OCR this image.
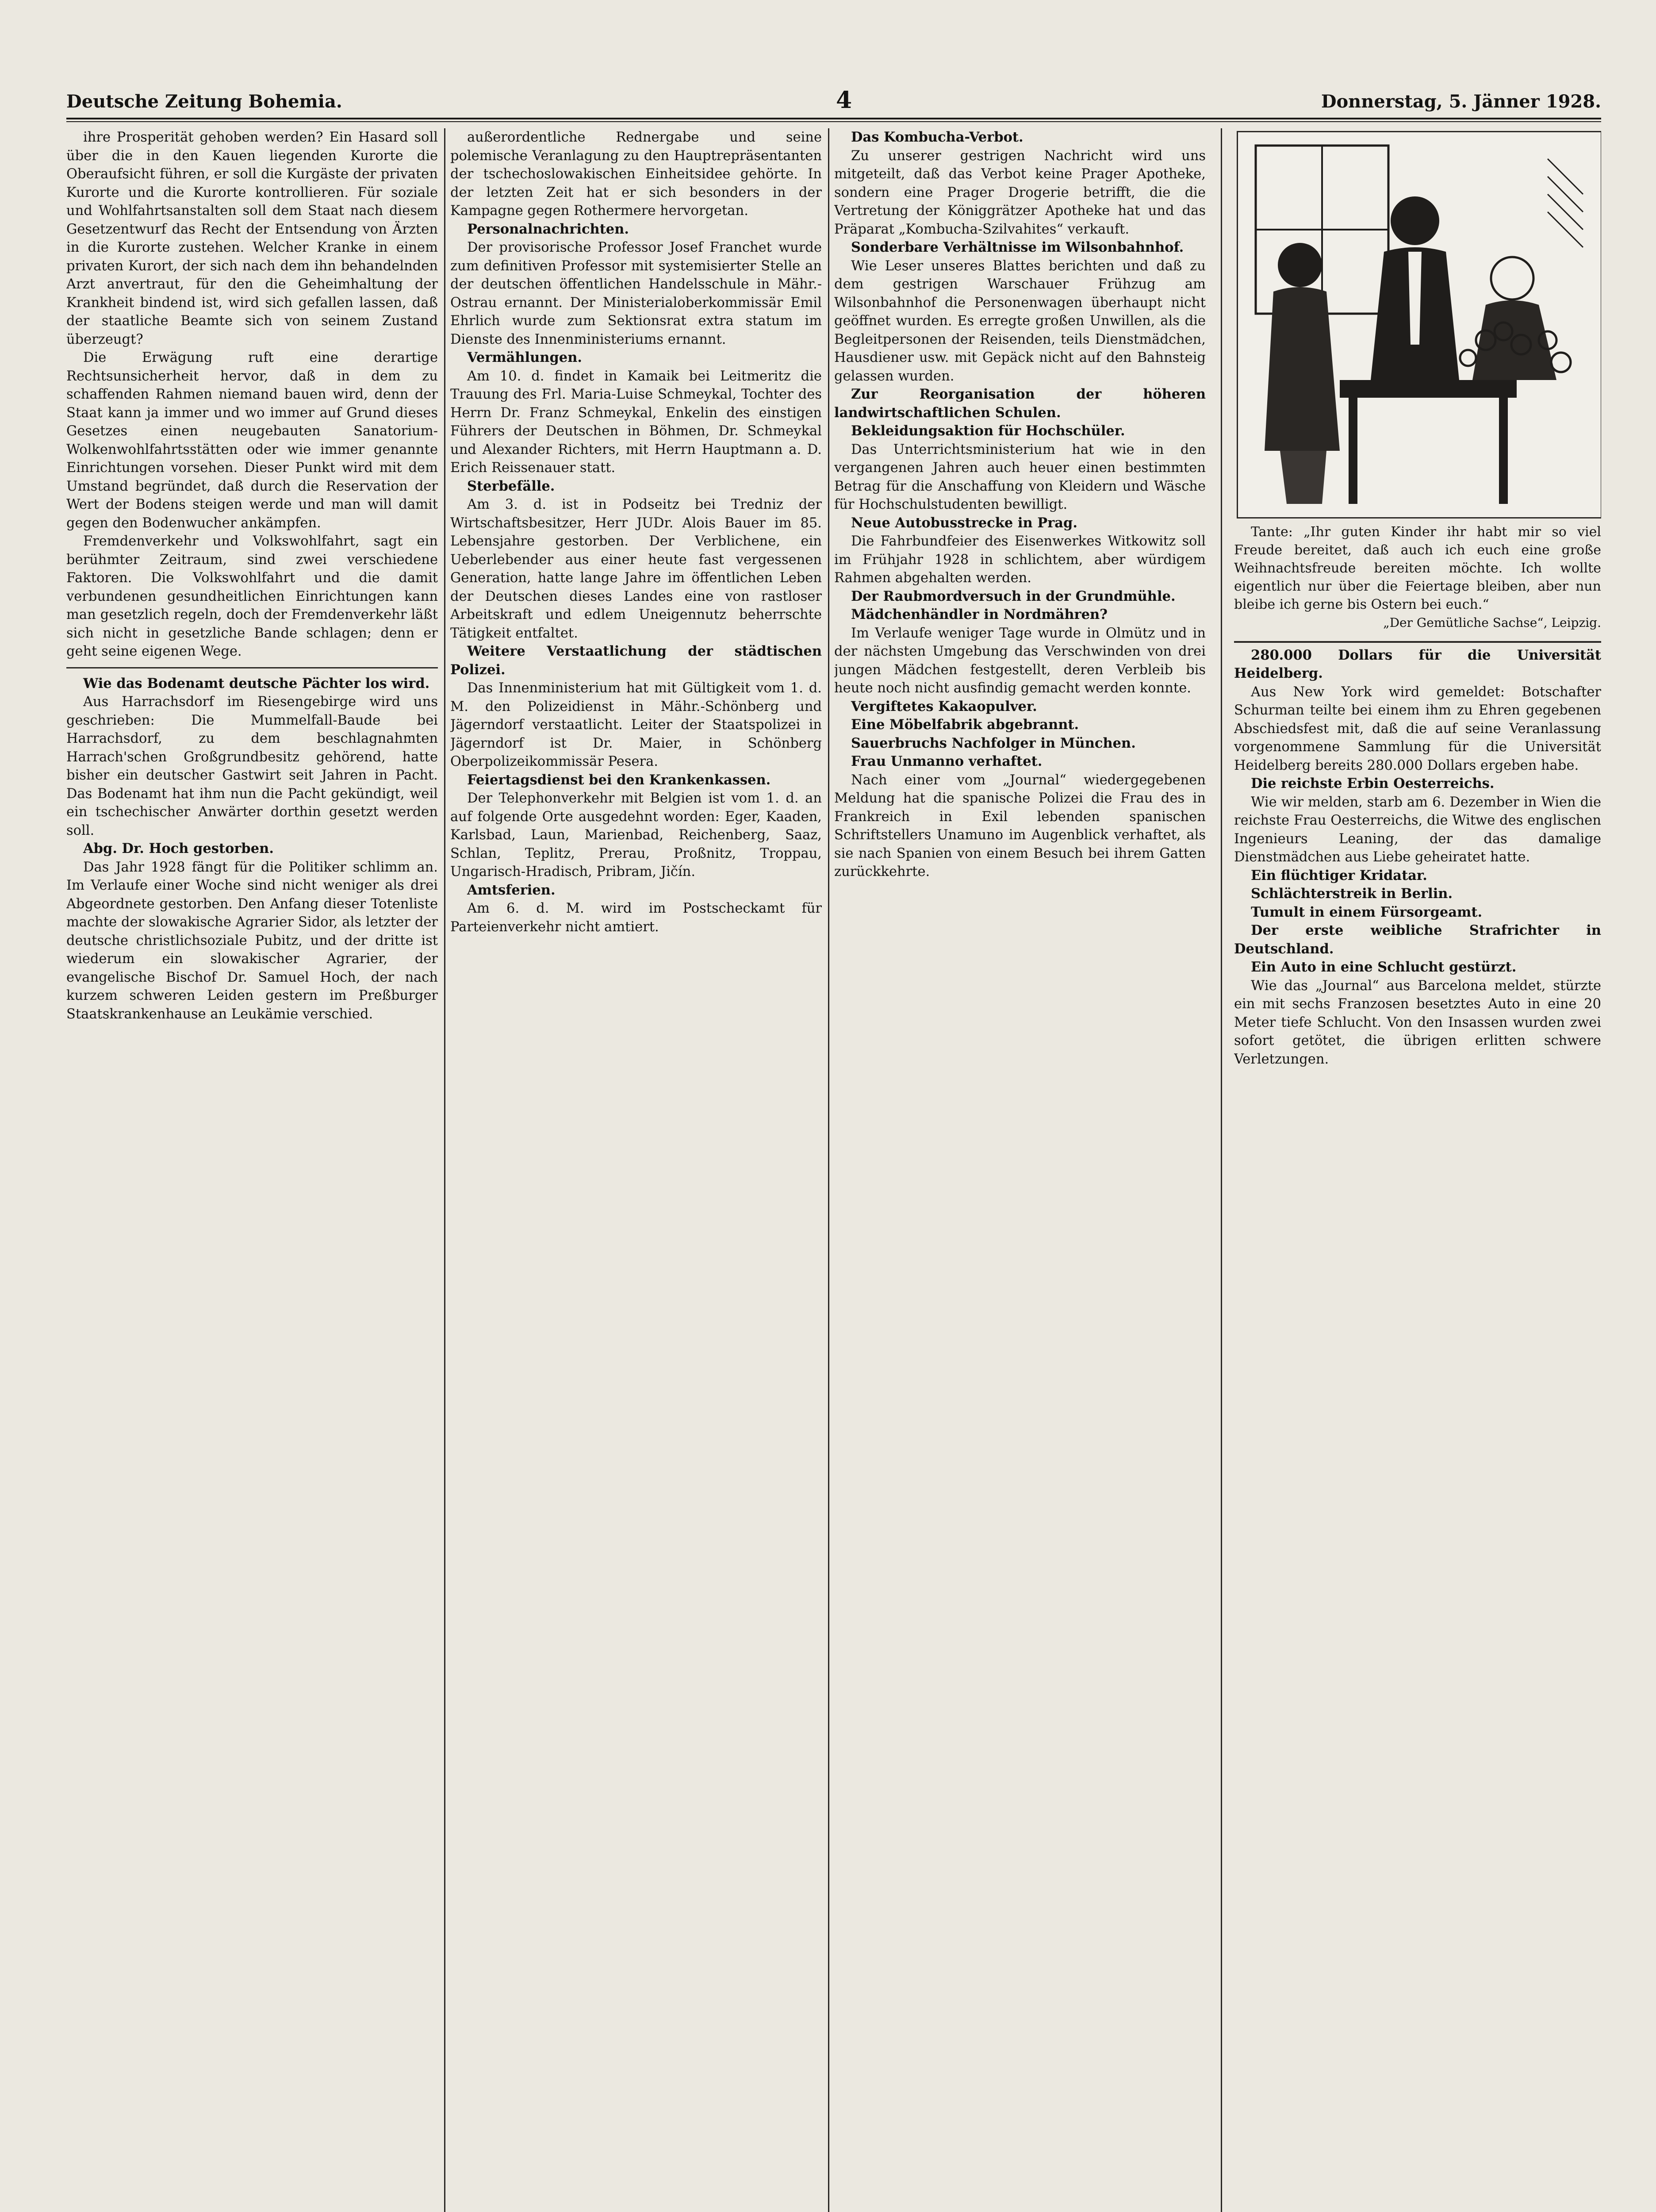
Deutsche Zeitung Bohemia.	4	Donnerstag, 5. Jänner 1928.

ihre Prosperität gehoben werden? Ein Hasard soll über die in den Kauen liegenden Kurorte die Oberaufsicht führen, er soll die Kurgäste der privaten Kurorte und die Kurorte kontrollieren. Für soziale und Wohlfahrtsanstalten soll dem Staat nach diesem Gesetzentwurf das Recht der Entsendung von Ärzten in die Kurorte zustehen. Welcher Kranke in einem privaten Kurort, der sich nach dem ihn behandelnden Arzt anvertraut, für den die Geheimhaltung der Krankheit bindend ist, wird sich gefallen lassen, daß der staatliche Beamte sich von seinem Zustand überzeugt?

Die Erwägung ruft eine derartige Rechtsunsicherheit hervor, daß in dem zu schaffenden Rahmen niemand bauen wird, denn der Staat kann ja immer und wo immer auf Grund dieses Gesetzes einen neugebauten Sanatorium-Wolkenwohlfahrtsstätten oder wie immer genannte Einrichtungen vorsehen. Dieser Punkt wird mit dem Umstand begründet, daß durch die Reservation der Wert der Bodens steigen werde und man will damit gegen den Bodenwucher ankämpfen.

Fremdenverkehr und Volkswohlfahrt, sagt ein berühmter Zeitraum, sind zwei verschiedene Faktoren. Die Volkswohlfahrt und die damit verbundenen gesundheitlichen Einrichtungen kann man gesetzlich regeln, doch der Fremdenverkehr läßt sich nicht in gesetzliche Bande schlagen; denn er geht seine eigenen Wege.

Wie das Bodenamt deutsche Pächter los wird.

Aus Harrachsdorf im Riesengebirge wird uns geschrieben: Die Mummelfall-Baude bei Harrachsdorf, zu dem beschlagnahmten Harrach'schen Großgrundbesitz gehörend, hatte bisher ein deutscher Gastwirt seit Jahren in Pacht. Das Bodenamt hat ihm nun die Pacht gekündigt, weil ein tschechischer Anwärter dorthin gesetzt werden soll.

Abg. Dr. Hoch gestorben.

Das Jahr 1928 fängt für die Politiker schlimm an. Im Verlaufe einer Woche sind nicht weniger als drei Abgeordnete gestorben. Den Anfang dieser Totenliste machte der slowakische Agrarier Sidor, als letzter der deutsche christlichsoziale Pubitz, und der dritte ist wiederum ein slowakischer Agrarier, der evangelische Bischof Dr. Samuel Hoch, der nach kurzem schweren Leiden gestern im Preßburger Staatskrankenhause an Leukämie verschied.

außerordentliche Rednergabe und seine polemische Veranlagung zu den Hauptrepräsentanten der tschechoslowakischen Einheitsidee gehörte. In der letzten Zeit hat er sich besonders in der Kampagne gegen Rothermere hervorgetan.

Personalnachrichten.

Der provisorische Professor Josef Franchet wurde zum definitiven Professor mit systemisierter Stelle an der deutschen öffentlichen Handelsschule in Mähr.-Ostrau ernannt. Der Ministerialoberkommissär Emil Ehrlich wurde zum Sektionsrat extra statum im Dienste des Innenministeriums ernannt.

Vermählungen.

Am 10. d. findet in Kamaik bei Leitmeritz die Trauung des Frl. Maria-Luise Schmeykal, Tochter des Herrn Dr. Franz Schmeykal, Enkelin des einstigen Führers der Deutschen in Böhmen, Dr. Schmeykal und Alexander Richters, mit Herrn Hauptmann a. D. Erich Reissenauer statt.

Sterbefälle.

Am 3. d. ist in Podseitz bei Tredniz der Wirtschaftsbesitzer, Herr JUDr. Alois Bauer im 85. Lebensjahre gestorben. Der Verblichene, ein Ueberlebender aus einer heute fast vergessenen Generation, hatte lange Jahre im öffentlichen Leben der Deutschen dieses Landes eine von rastloser Arbeitskraft und edlem Uneigennutz beherrschte Tätigkeit entfaltet.

Weitere Verstaatlichung der städtischen Polizei.

Das Innenministerium hat mit Gültigkeit vom 1. d. M. den Polizeidienst in Mähr.-Schönberg und Jägerndorf verstaatlicht. Leiter der Staatspolizei in Jägerndorf ist Dr. Maier, in Schönberg Oberpolizeikommissär Pesera.

Feiertagsdienst bei den Krankenkassen.

Der Telephonverkehr mit Belgien ist vom 1. d. an auf folgende Orte ausgedehnt worden: Eger, Kaaden, Karlsbad, Laun, Marienbad, Reichenberg, Saaz, Schlan, Teplitz, Prerau, Proßnitz, Troppau, Ungarisch-Hradisch, Pribram, Jičín.

Amtsferien.

Am 6. d. M. wird im Postscheckamt für Parteienverkehr nicht amtiert.

Das Kombucha-Verbot.

Zu unserer gestrigen Nachricht wird uns mitgeteilt, daß das Verbot keine Prager Apotheke, sondern eine Prager Drogerie betrifft, die die Vertretung der Königgrätzer Apotheke hat und das Präparat „Kombucha-Szilvahites“ verkauft.

Sonderbare Verhältnisse im Wilsonbahnhof.

Wie Leser unseres Blattes berichten und daß zu dem gestrigen Warschauer Frühzug am Wilsonbahnhof die Personenwagen überhaupt nicht geöffnet wurden. Es erregte großen Unwillen, als die Begleitpersonen der Reisenden, teils Dienstmädchen, Hausdiener usw. mit Gepäck nicht auf den Bahnsteig gelassen wurden.

Zur Reorganisation der höheren landwirtschaftlichen Schulen.

Bekleidungsaktion für Hochschüler.

Das Unterrichtsministerium hat wie in den vergangenen Jahren auch heuer einen bestimmten Betrag für die Anschaffung von Kleidern und Wäsche für Hochschulstudenten bewilligt.

Neue Autobusstrecke in Prag.

Die Fahrbundfeier des Eisenwerkes Witkowitz soll im Frühjahr 1928 in schlichtem, aber würdigem Rahmen abgehalten werden.

Der Raubmordversuch in der Grundmühle.

Mädchenhändler in Nordmähren?

Im Verlaufe weniger Tage wurde in Olmütz und in der nächsten Umgebung das Verschwinden von drei jungen Mädchen festgestellt, deren Verbleib bis heute noch nicht ausfindig gemacht werden konnte.

Vergiftetes Kakaopulver.

Eine Möbelfabrik abgebrannt.

Sauerbruchs Nachfolger in München.

Frau Unmanno verhaftet.

Nach einer vom „Journal“ wiedergegebenen Meldung hat die spanische Polizei die Frau des in Frankreich in Exil lebenden spanischen Schriftstellers Unamuno im Augenblick verhaftet, als sie nach Spanien von einem Besuch bei ihrem Gatten zurückkehrte.

Tante: „Ihr guten Kinder ihr habt mir so viel Freude bereitet, daß auch ich euch eine große Weihnachtsfreude bereiten möchte. Ich wollte eigentlich nur über die Feiertage bleiben, aber nun bleibe ich gerne bis Ostern bei euch.“

„Der Gemütliche Sachse“, Leipzig.

280.000 Dollars für die Universität Heidelberg.

Aus New York wird gemeldet: Botschafter Schurman teilte bei einem ihm zu Ehren gegebenen Abschiedsfest mit, daß die auf seine Veranlassung vorgenommene Sammlung für die Universität Heidelberg bereits 280.000 Dollars ergeben habe.

Die reichste Erbin Oesterreichs.

Wie wir melden, starb am 6. Dezember in Wien die reichste Frau Oesterreichs, die Witwe des englischen Ingenieurs Leaning, der das damalige Dienstmädchen aus Liebe geheiratet hatte.

Ein flüchtiger Kridatar.

Schlächterstreik in Berlin.

Tumult in einem Fürsorgeamt.

Der erste weibliche Strafrichter in Deutschland.

Ein Auto in eine Schlucht gestürzt.

Wie das „Journal“ aus Barcelona meldet, stürzte ein mit sechs Franzosen besetztes Auto in eine 20 Meter tiefe Schlucht. Von den Insassen wurden zwei sofort getötet, die übrigen erlitten schwere Verletzungen.
